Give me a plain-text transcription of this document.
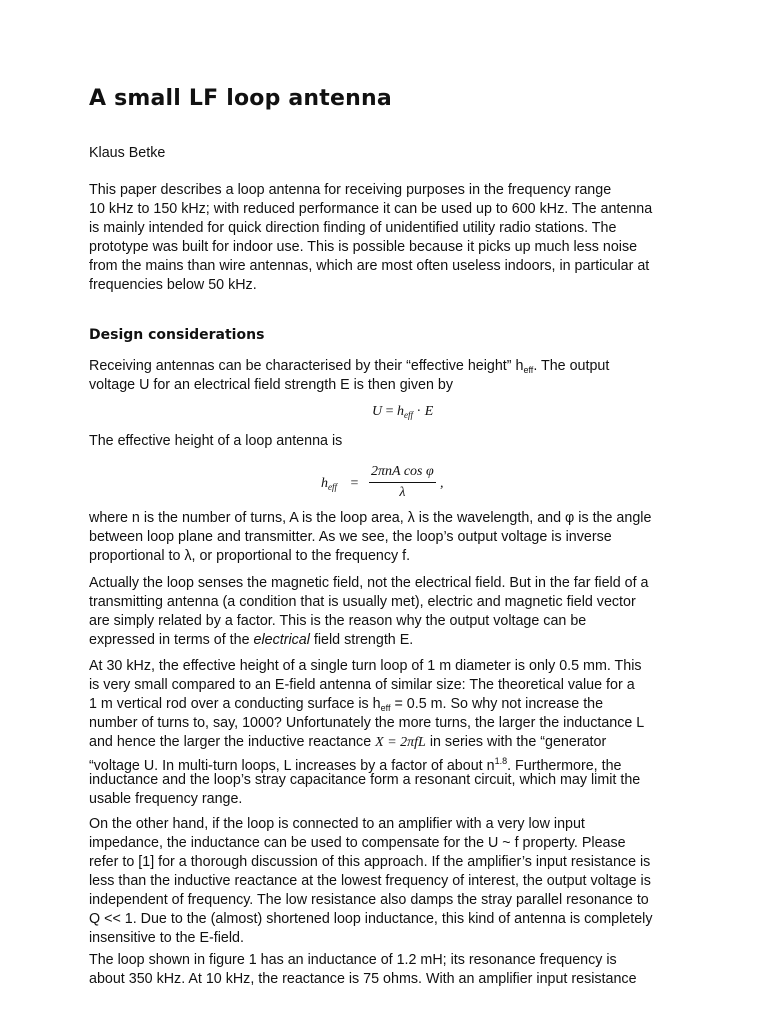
A small LF loop antenna

Klaus Betke

This paper describes a loop antenna for receiving purposes in the frequency range
10 kHz to 150 kHz; with reduced performance it can be used up to 600 kHz. The antenna
is mainly intended for quick direction finding of unidentified utility radio stations. The
prototype was built for indoor use. This is possible because it picks up much less noise
from the mains than wire antennas, which are most often useless indoors, in particular at
frequencies below 50 kHz.

Design considerations

Receiving antennas can be characterised by their “effective height” $h_{eff}$. The output
voltage U for an electrical field strength E is then given by

$U = h_{eff} \cdot E$

The effective height of a loop antenna is

$h_{eff}$ =
2πnA cos φ
λ
,

where n is the number of turns, A is the loop area, λ is the wavelength, and φ is the angle
between loop plane and transmitter. As we see, the loop’s output voltage is inverse
proportional to λ, or proportional to the frequency f.

Actually the loop senses the magnetic field, not the electrical field. But in the far field of a
transmitting antenna (a condition that is usually met), electric and magnetic field vector
are simply related by a factor. This is the reason why the output voltage can be
expressed in terms of the electrical field strength E.

At 30 kHz, the effective height of a single turn loop of 1 m diameter is only 0.5 mm. This
is very small compared to an E-field antenna of similar size: The theoretical value for a
1 m vertical rod over a conducting surface is $h_{eff} = 0.5$ m. So why not increase the
number of turns to, say, 1000? Unfortunately the more turns, the larger the inductance L
and hence the larger the inductive reactance X = 2πfL in series with the “generator
“voltage U. In multi-turn loops, L increases by a factor of about $n^{1.8}$. Furthermore, the
inductance and the loop’s stray capacitance form a resonant circuit, which may limit the
usable frequency range.

On the other hand, if the loop is connected to an amplifier with a very low input
impedance, the inductance can be used to compensate for the U ~ f property. Please
refer to [1] for a thorough discussion of this approach. If the amplifier’s input resistance is
less than the inductive reactance at the lowest frequency of interest, the output voltage is
independent of frequency. The low resistance also damps the stray parallel resonance to
Q << 1. Due to the (almost) shortened loop inductance, this kind of antenna is completely
insensitive to the E-field.

The loop shown in figure 1 has an inductance of 1.2 mH; its resonance frequency is
about 350 kHz. At 10 kHz, the reactance is 75 ohms. With an amplifier input resistance
